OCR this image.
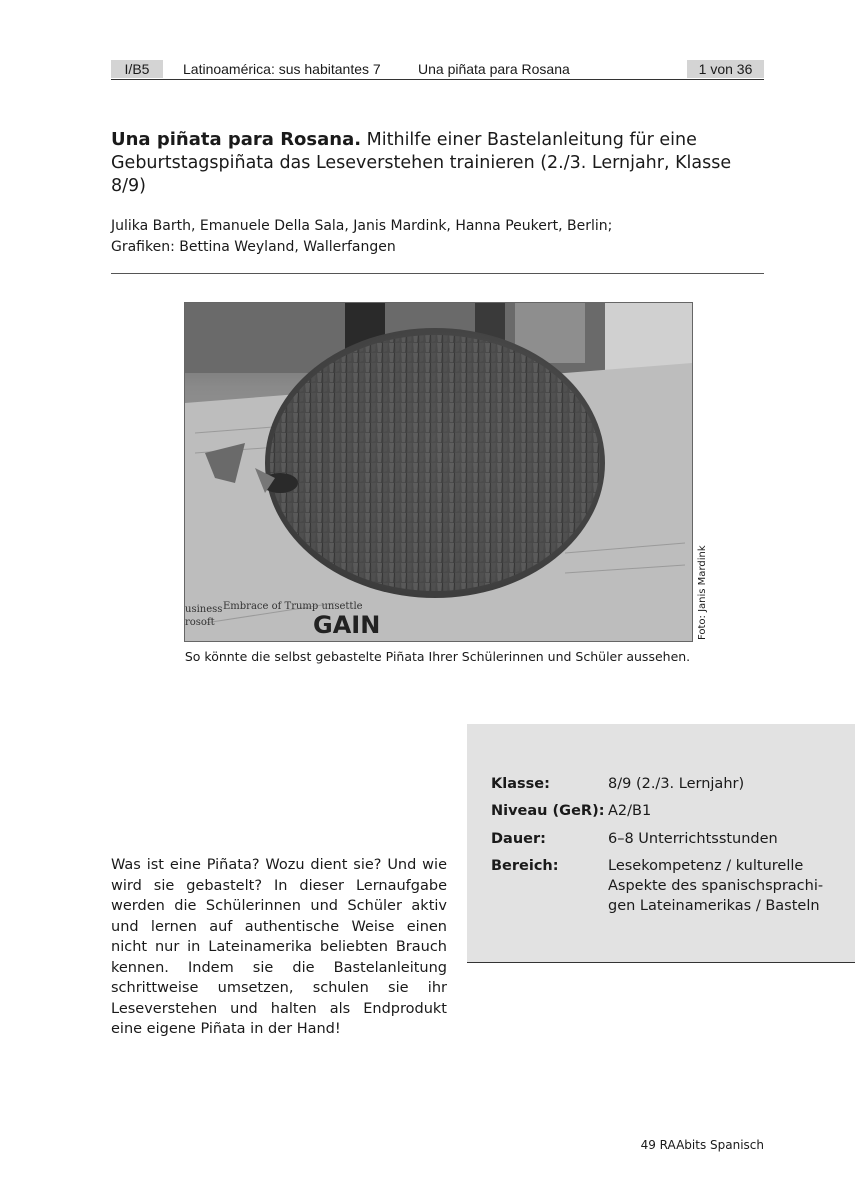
I/B5	Latinoamérica: sus habitantes 7	Una piñata para Rosana	1 von 36
Una piñata para Rosana. Mithilfe einer Bastelanleitung für eine Geburtstagspiñata das Leseverstehen trainieren (2./3. Lernjahr, Klasse 8/9)
Julika Barth, Emanuele Della Sala, Janis Mardink, Hanna Peukert, Berlin;
Grafiken: Bettina Weyland, Wallerfangen
usiness
rosoft
Embrace of Trump unsettle
GAIN	Foto: Janis Mardink
So könnte die selbst gebastelte Piñata Ihrer Schülerinnen und Schüler aussehen.
Klasse:	8/9 (2./3. Lernjahr)
Niveau (GeR): A2/B1
Dauer:	6–8 Unterrichtsstunden
Bereich:	Lesekompetenz / kulturelle Aspekte des spanischsprachi-gen Lateinamerikas / Basteln
Was ist eine Piñata? Wozu dient sie? Und wie wird sie gebastelt? In dieser Lernaufgabe werden die Schülerinnen und Schüler aktiv und lernen auf authentische Weise einen nicht nur in Lateinamerika beliebten Brauch kennen. Indem sie die Bastelanleitung schrittweise umsetzen, schulen sie ihr Leseverstehen und halten als Endprodukt eine eigene Piñata in der Hand!
49 RAAbits Spanisch
